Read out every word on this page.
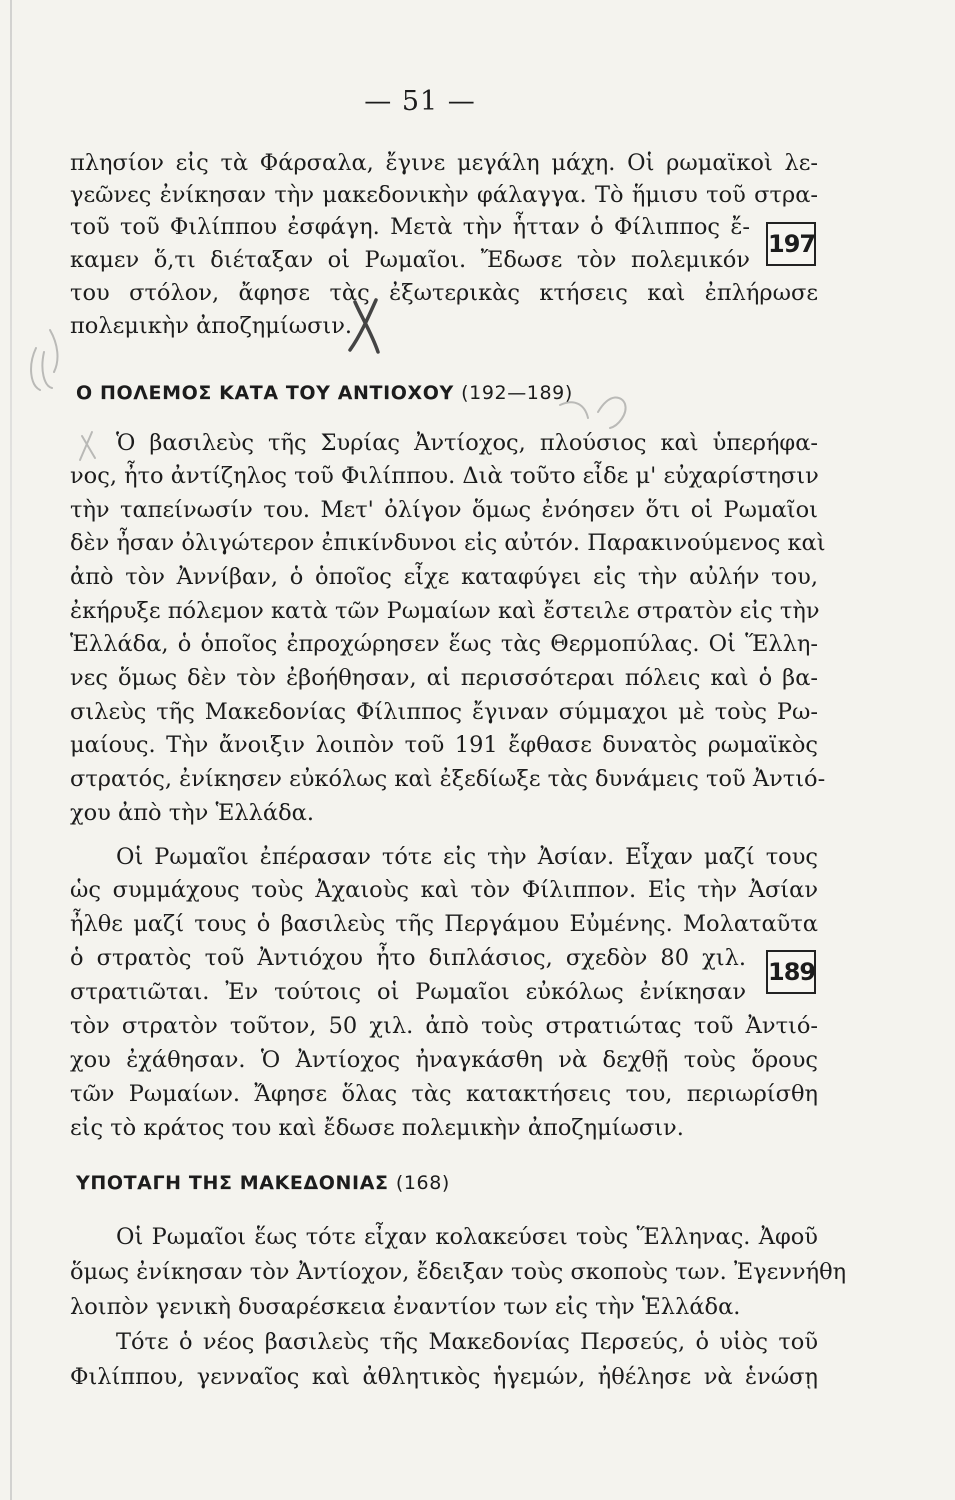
— 51 —
πλησίον εἰς τὰ Φάρσαλα, ἔγινε μεγάλη μάχη. Οἱ ρωμαϊκοὶ λε-
γεῶνες ἐνίκησαν τὴν μακεδονικὴν φάλαγγα. Τὸ ἥμισυ τοῦ στρα-
τοῦ τοῦ Φιλίππου ἐσφάγη. Μετὰ τὴν ἧτταν ὁ Φίλιππος ἔ-
καμεν ὅ,τι διέταξαν οἱ Ρωμαῖοι. Ἔδωσε τὸν πολεμικόν
του στόλον, ἄφησε τὰς ἐξωτερικὰς κτήσεις καὶ ἐπλήρωσε
πολεμικὴν ἀποζημίωσιν.
197
Ο ΠΟΛΕΜΟΣ ΚΑΤΑ ΤΟΥ ΑΝΤΙΟΧΟΥ (192—189)
Ὁ βασιλεὺς τῆς Συρίας Ἀντίοχος, πλούσιος καὶ ὑπερήφα-
νος, ἦτο ἀντίζηλος τοῦ Φιλίππου. Διὰ τοῦτο εἶδε μ' εὐχαρίστησιν
τὴν ταπείνωσίν του. Μετ' ὀλίγον ὅμως ἐνόησεν ὅτι οἱ Ρωμαῖοι
δὲν ἦσαν ὀλιγώτερον ἐπικίνδυνοι εἰς αὐτόν. Παρακινούμενος καὶ
ἀπὸ τὸν Ἀννίβαν, ὁ ὁποῖος εἶχε καταφύγει εἰς τὴν αὐλήν του,
ἐκήρυξε πόλεμον κατὰ τῶν Ρωμαίων καὶ ἔστειλε στρατὸν εἰς τὴν
Ἑλλάδα, ὁ ὁποῖος ἐπροχώρησεν ἕως τὰς Θερμοπύλας. Οἱ Ἕλλη-
νες ὅμως δὲν τὸν ἐβοήθησαν, αἱ περισσότεραι πόλεις καὶ ὁ βα-
σιλεὺς τῆς Μακεδονίας Φίλιππος ἔγιναν σύμμαχοι μὲ τοὺς Ρω-
μαίους. Τὴν ἄνοιξιν λοιπὸν τοῦ 191 ἔφθασε δυνατὸς ρωμαϊκὸς
στρατός, ἐνίκησεν εὐκόλως καὶ ἐξεδίωξε τὰς δυνάμεις τοῦ Ἀντιό-
χου ἀπὸ τὴν Ἑλλάδα.
Οἱ Ρωμαῖοι ἐπέρασαν τότε εἰς τὴν Ἀσίαν. Εἶχαν μαζί τους
ὡς συμμάχους τοὺς Ἀχαιοὺς καὶ τὸν Φίλιππον. Εἰς τὴν Ἀσίαν
ἦλθε μαζί τους ὁ βασιλεὺς τῆς Περγάμου Εὐμένης. Μολαταῦτα
ὁ στρατὸς τοῦ Ἀντιόχου ἦτο διπλάσιος, σχεδὸν 80 χιλ.
στρατιῶται. Ἐν τούτοις οἱ Ρωμαῖοι εὐκόλως ἐνίκησαν
τὸν στρατὸν τοῦτον, 50 χιλ. ἀπὸ τοὺς στρατιώτας τοῦ Ἀντιό-
χου ἐχάθησαν. Ὁ Ἀντίοχος ἠναγκάσθη νὰ δεχθῇ τοὺς ὅρους
τῶν Ρωμαίων. Ἄφησε ὅλας τὰς κατακτήσεις του, περιωρίσθη
εἰς τὸ κράτος του καὶ ἔδωσε πολεμικὴν ἀποζημίωσιν.
189
ΥΠΟΤΑΓΗ ΤΗΣ ΜΑΚΕΔΟΝΙΑΣ (168)
Οἱ Ρωμαῖοι ἕως τότε εἶχαν κολακεύσει τοὺς Ἕλληνας. Ἀφοῦ
ὅμως ἐνίκησαν τὸν Ἀντίοχον, ἔδειξαν τοὺς σκοποὺς των. Ἐγεννήθη
λοιπὸν γενικὴ δυσαρέσκεια ἐναντίον των εἰς τὴν Ἑλλάδα.
Τότε ὁ νέος βασιλεὺς τῆς Μακεδονίας Περσεύς, ὁ υἱὸς τοῦ
Φιλίππου, γενναῖος καὶ ἀθλητικὸς ἡγεμών, ἠθέλησε νὰ ἑνώσῃ
